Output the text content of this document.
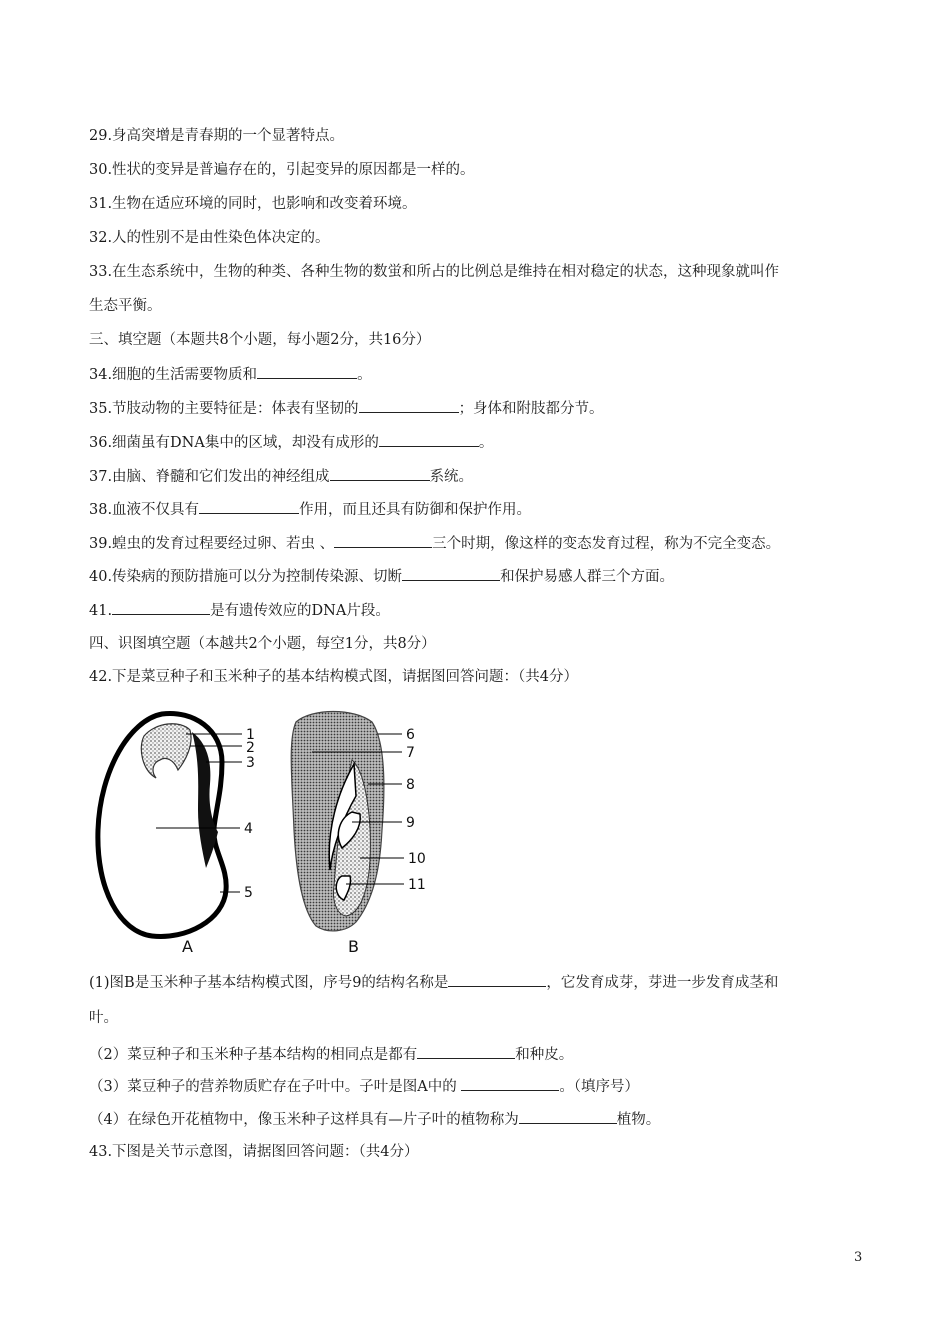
29.身高突增是青春期的一个显著特点。
30.性状的变异是普遍存在的，引起变异的原因都是一样的。
31.生物在适应环境的同时，也影响和改变着环境。
32.人的性别不是由性染色体决定的。
33.在生态系统中，生物的种类、各种生物的数蛍和所占的比例总是维持在相对稳定的状态，这种现象就叫作
生态平衡。
三、填空题（本题共8个小题，每小题2分，共16分）
34.细胞的生活需要物质和	。
35.节肢动物的主要特征是：体表有坚韧的	；身体和附肢都分节。
36.细菌虽有DNA集中的区域，却没有成形的	。
37.由脑、脊髓和它们发出的神经组成	系统。
38.血液不仅具有	作用，而且还具有防御和保护作用。
39.蝗虫的发育过程要经过卵、若虫 、	三个时期，像这样的变态发育过程，称为不完全变态。
40.传染病的预防措施可以分为控制传染源、切断	和保护易感人群三个方面。
41.	是有遗传效应的DNA片段。
四、识图填空题（本越共2个小题，每空1分，共8分）
42.下是菜豆种子和玉米种子的基本结构模式图，请据图回答问题：（共4分）
1
2
3
4
5
A
6
7
8
9
10
11
B
(1)图B是玉米种子基本结构模式图，序号9的结构名称是	，它发育成芽，芽进一步发育成茎和
叶。
（2）菜豆种子和玉米种子基本结构的相同点是都有	和种皮。
（3）菜豆种子的营养物质贮存在子叶中。子叶是图A中的	。（填序号）
（4）在绿色开花植物中，像玉米种子这样具有—片子叶的植物称为	植物。
43.下图是关节示意图，请据图回答问题：（共4分）
3
